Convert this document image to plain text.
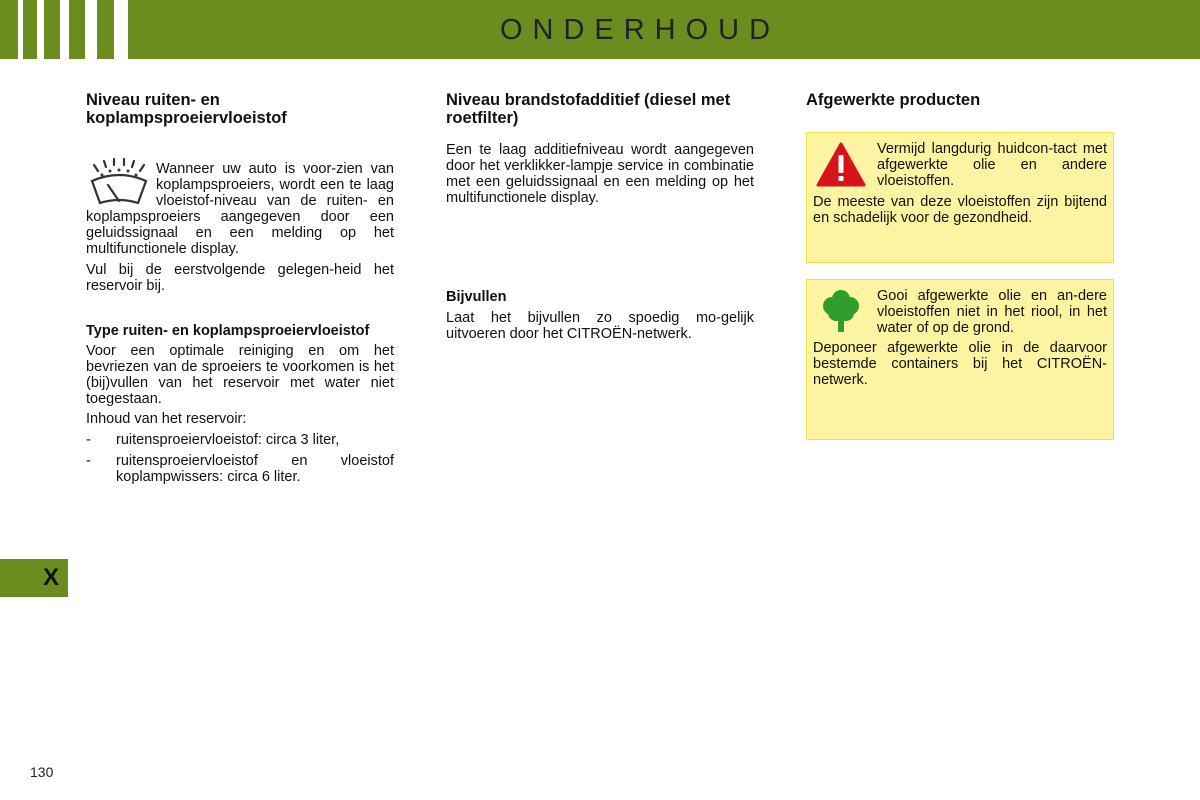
ONDERHOUD
Niveau ruiten- en koplampsproeiervloeistof

Wanneer uw auto is voor-zien van koplampsproeiers, wordt een te laag vloeistof-niveau van de ruiten- en koplampsproeiers aangegeven door een geluidssignaal en een melding op het multifunctionele display.

Vul bij de eerstvolgende gelegen-heid het reservoir bij.

Type ruiten- en koplampsproeiervloeistof

Voor een optimale reiniging en om het bevriezen van de sproeiers te voorkomen is het (bij)vullen van het reservoir met water niet toegestaan.

Inhoud van het reservoir:

- ruitensproeiervloeistof: circa 3 liter,
- ruitensproeiervloeistof en vloeistof koplampwissers: circa 6 liter.
Niveau brandstofadditief (diesel met roetfilter)

Een te laag additiefniveau wordt aangegeven door het verklikker-lampje service in combinatie met een geluidssignaal en een melding op het multifunctionele display.

Bijvullen

Laat het bijvullen zo spoedig mo-gelijk uitvoeren door het CITROËN-netwerk.

Afgewerkte producten

Vermijd langdurig huidcon-tact met afgewerkte olie en andere vloeistoffen.

De meeste van deze vloeistoffen zijn bijtend en schadelijk voor de gezondheid.

Gooi afgewerkte olie en an-dere vloeistoffen niet in het riool, in het water of op de grond.

Deponeer afgewerkte olie in de daarvoor bestemde containers bij het CITROËN-netwerk.

X
130
